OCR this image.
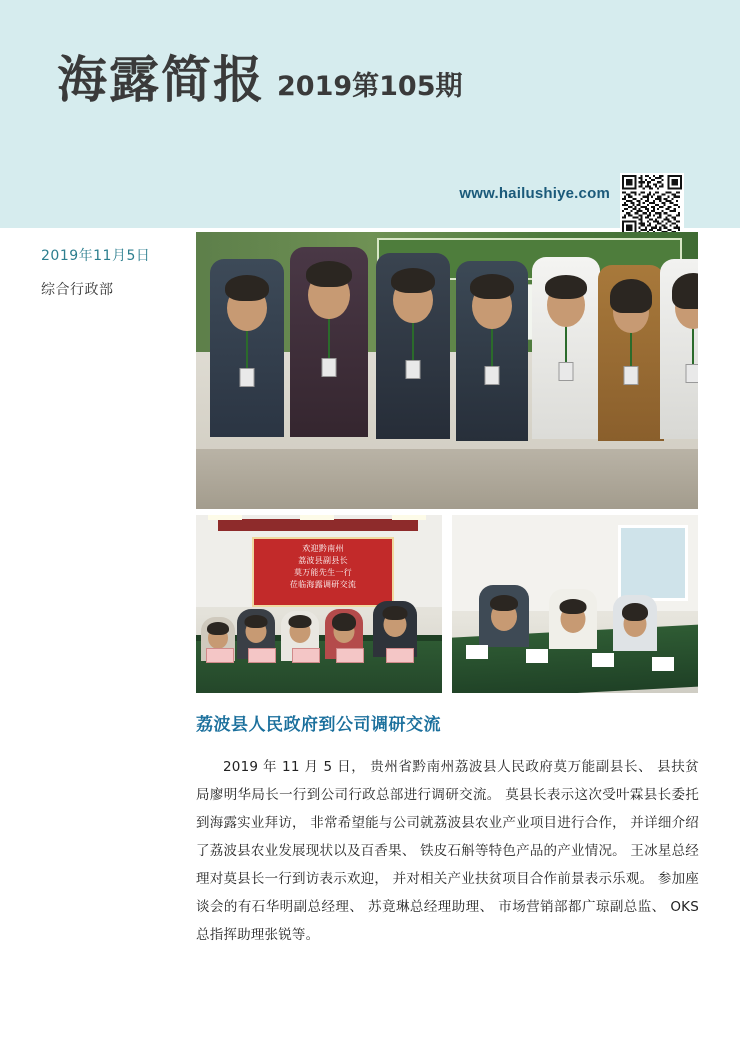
海露简报 2019第105期
www.hailushiye.com
2019年11月5日
综合行政部
欢迎黔南州
荔波县副县长
莫万能先生一行
莅临海露调研交流
荔波县人民政府到公司调研交流

2019 年 11 月 5 日， 贵州省黔南州荔波县人民政府莫万能副县长、 县扶贫局廖明华局长一行到公司行政总部进行调研交流。 莫县长表示这次受叶霖县长委托到海露实业拜访， 非常希望能与公司就荔波县农业产业项目进行合作， 并详细介绍了荔波县农业发展现状以及百香果、 铁皮石斛等特色产品的产业情况。 王冰星总经理对莫县长一行到访表示欢迎， 并对相关产业扶贫项目合作前景表示乐观。 参加座谈会的有石华明副总经理、 苏竟琳总经理助理、 市场营销部都广琼副总监、 OKS 总指挥助理张锐等。
